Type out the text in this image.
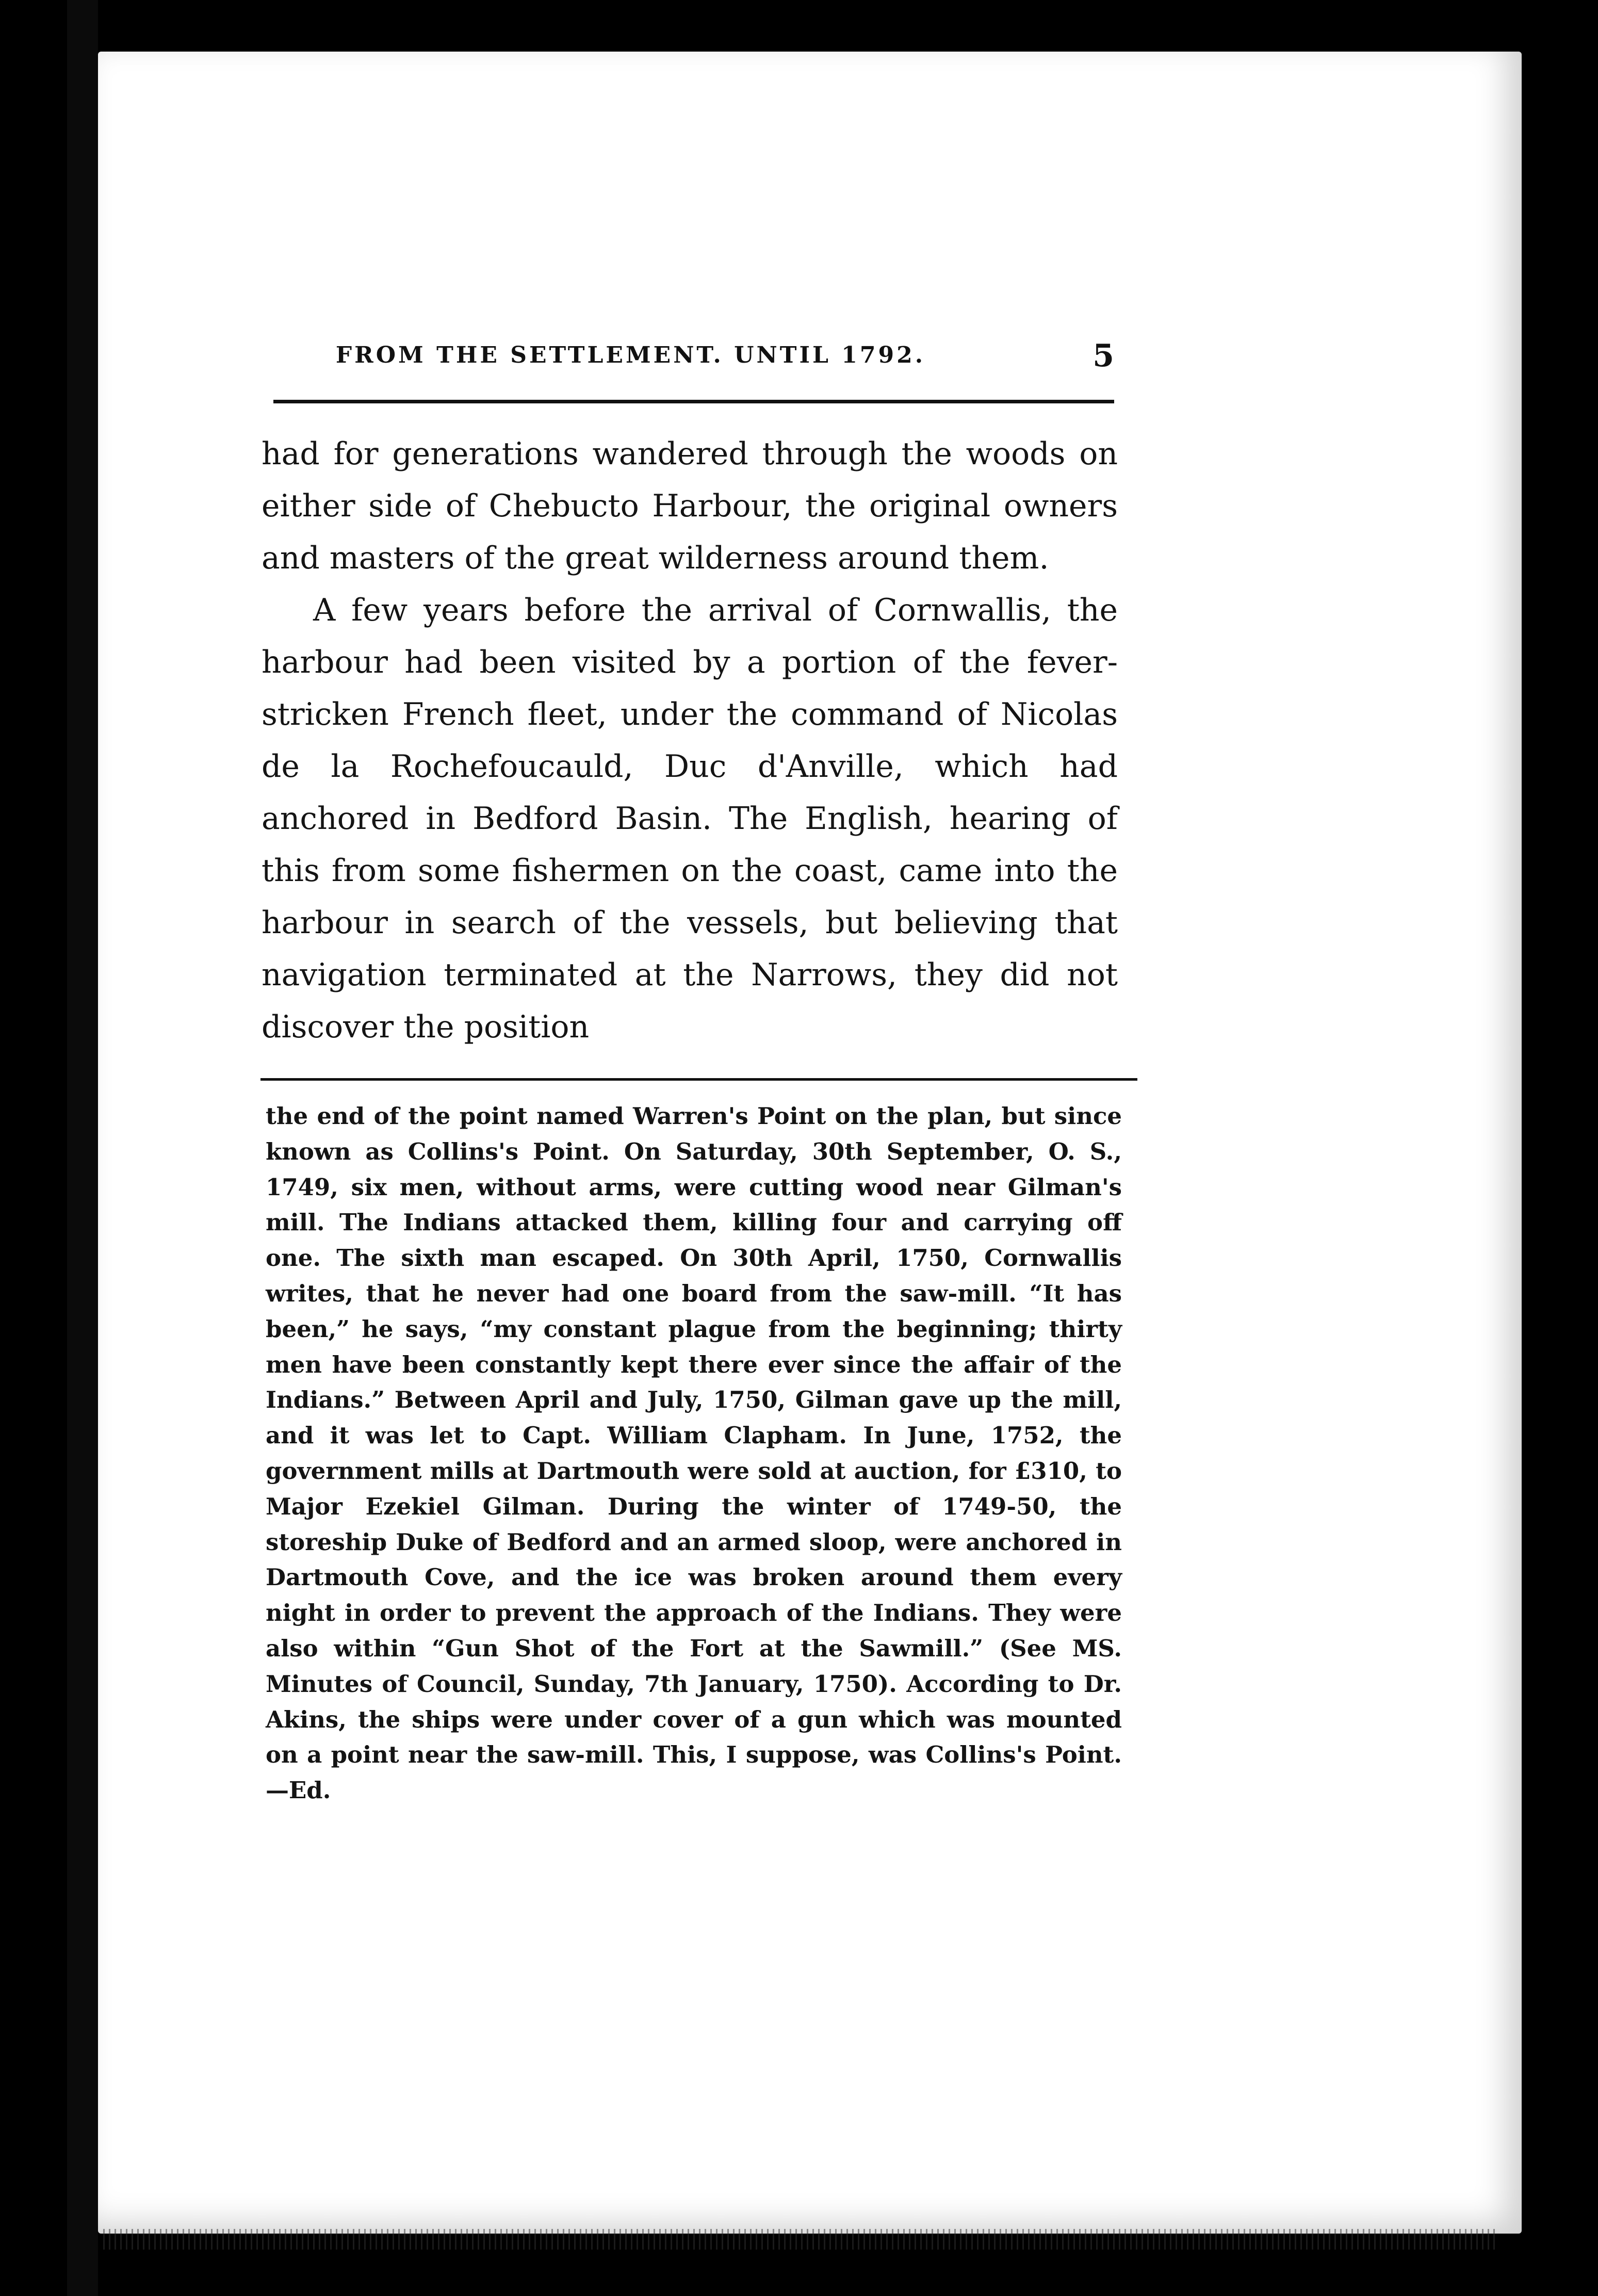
FROM THE SETTLEMENT. UNTIL 1792.	5

had for generations wandered through the woods on either side of Chebucto Harbour, the original owners and masters of the great wilderness around them.

A few years before the arrival of Cornwallis, the harbour had been visited by a portion of the fever-stricken French fleet, under the command of Nicolas de la Rochefoucauld, Duc d'Anville, which had anchored in Bedford Basin. The English, hearing of this from some fishermen on the coast, came into the harbour in search of the vessels, but believing that navigation terminated at the Narrows, they did not discover the position

the end of the point named Warren's Point on the plan, but since known as Collins's Point. On Saturday, 30th September, O. S., 1749, six men, without arms, were cutting wood near Gilman's mill. The Indians attacked them, killing four and carrying off one. The sixth man escaped. On 30th April, 1750, Cornwallis writes, that he never had one board from the saw-mill. “It has been,” he says, “my constant plague from the beginning; thirty men have been constantly kept there ever since the affair of the Indians.” Between April and July, 1750, Gilman gave up the mill, and it was let to Capt. William Clapham. In June, 1752, the government mills at Dartmouth were sold at auction, for £310, to Major Ezekiel Gilman. During the winter of 1749-50, the storeship Duke of Bedford and an armed sloop, were anchored in Dartmouth Cove, and the ice was broken around them every night in order to prevent the approach of the Indians. They were also within “Gun Shot of the Fort at the Sawmill.” (See MS. Minutes of Council, Sunday, 7th January, 1750). According to Dr. Akins, the ships were under cover of a gun which was mounted on a point near the saw-mill. This, I suppose, was Collins's Point.—Ed.
